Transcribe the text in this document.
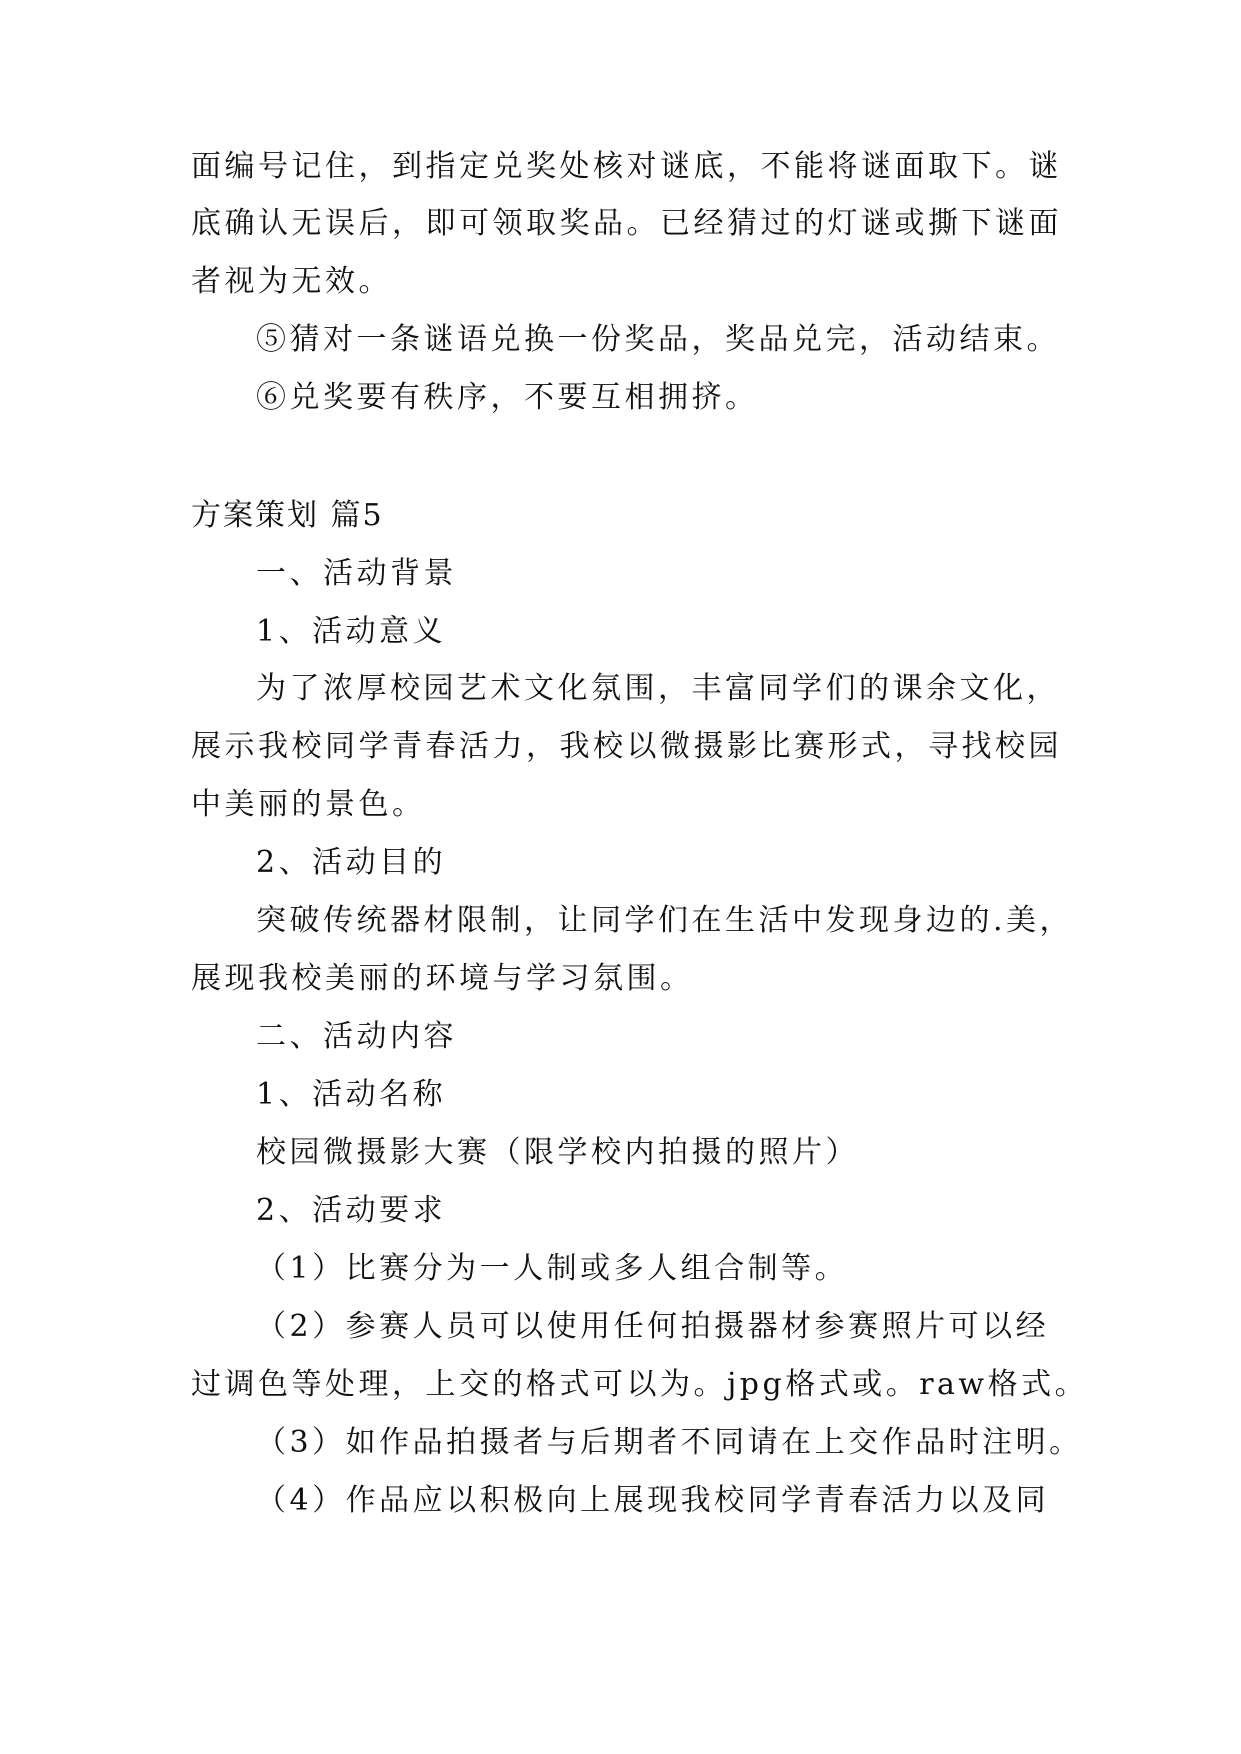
面编号记住，到指定兑奖处核对谜底，不能将谜面取下。谜
底确认无误后，即可领取奖品。已经猜过的灯谜或撕下谜面
者视为无效。
⑤猜对一条谜语兑换一份奖品，奖品兑完，活动结束。
⑥兑奖要有秩序，不要互相拥挤。
方案策划 篇5
一、活动背景
1、活动意义
为了浓厚校园艺术文化氛围，丰富同学们的课余文化，
展示我校同学青春活力，我校以微摄影比赛形式，寻找校园
中美丽的景色。
2、活动目的
突破传统器材限制，让同学们在生活中发现身边的.美，
展现我校美丽的环境与学习氛围。
二、活动内容
1、活动名称
校园微摄影大赛（限学校内拍摄的照片）
2、活动要求
（1）比赛分为一人制或多人组合制等。
（2）参赛人员可以使用任何拍摄器材参赛照片可以经
过调色等处理，上交的格式可以为。jpg格式或。raw格式。
（3）如作品拍摄者与后期者不同请在上交作品时注明。
（4）作品应以积极向上展现我校同学青春活力以及同
